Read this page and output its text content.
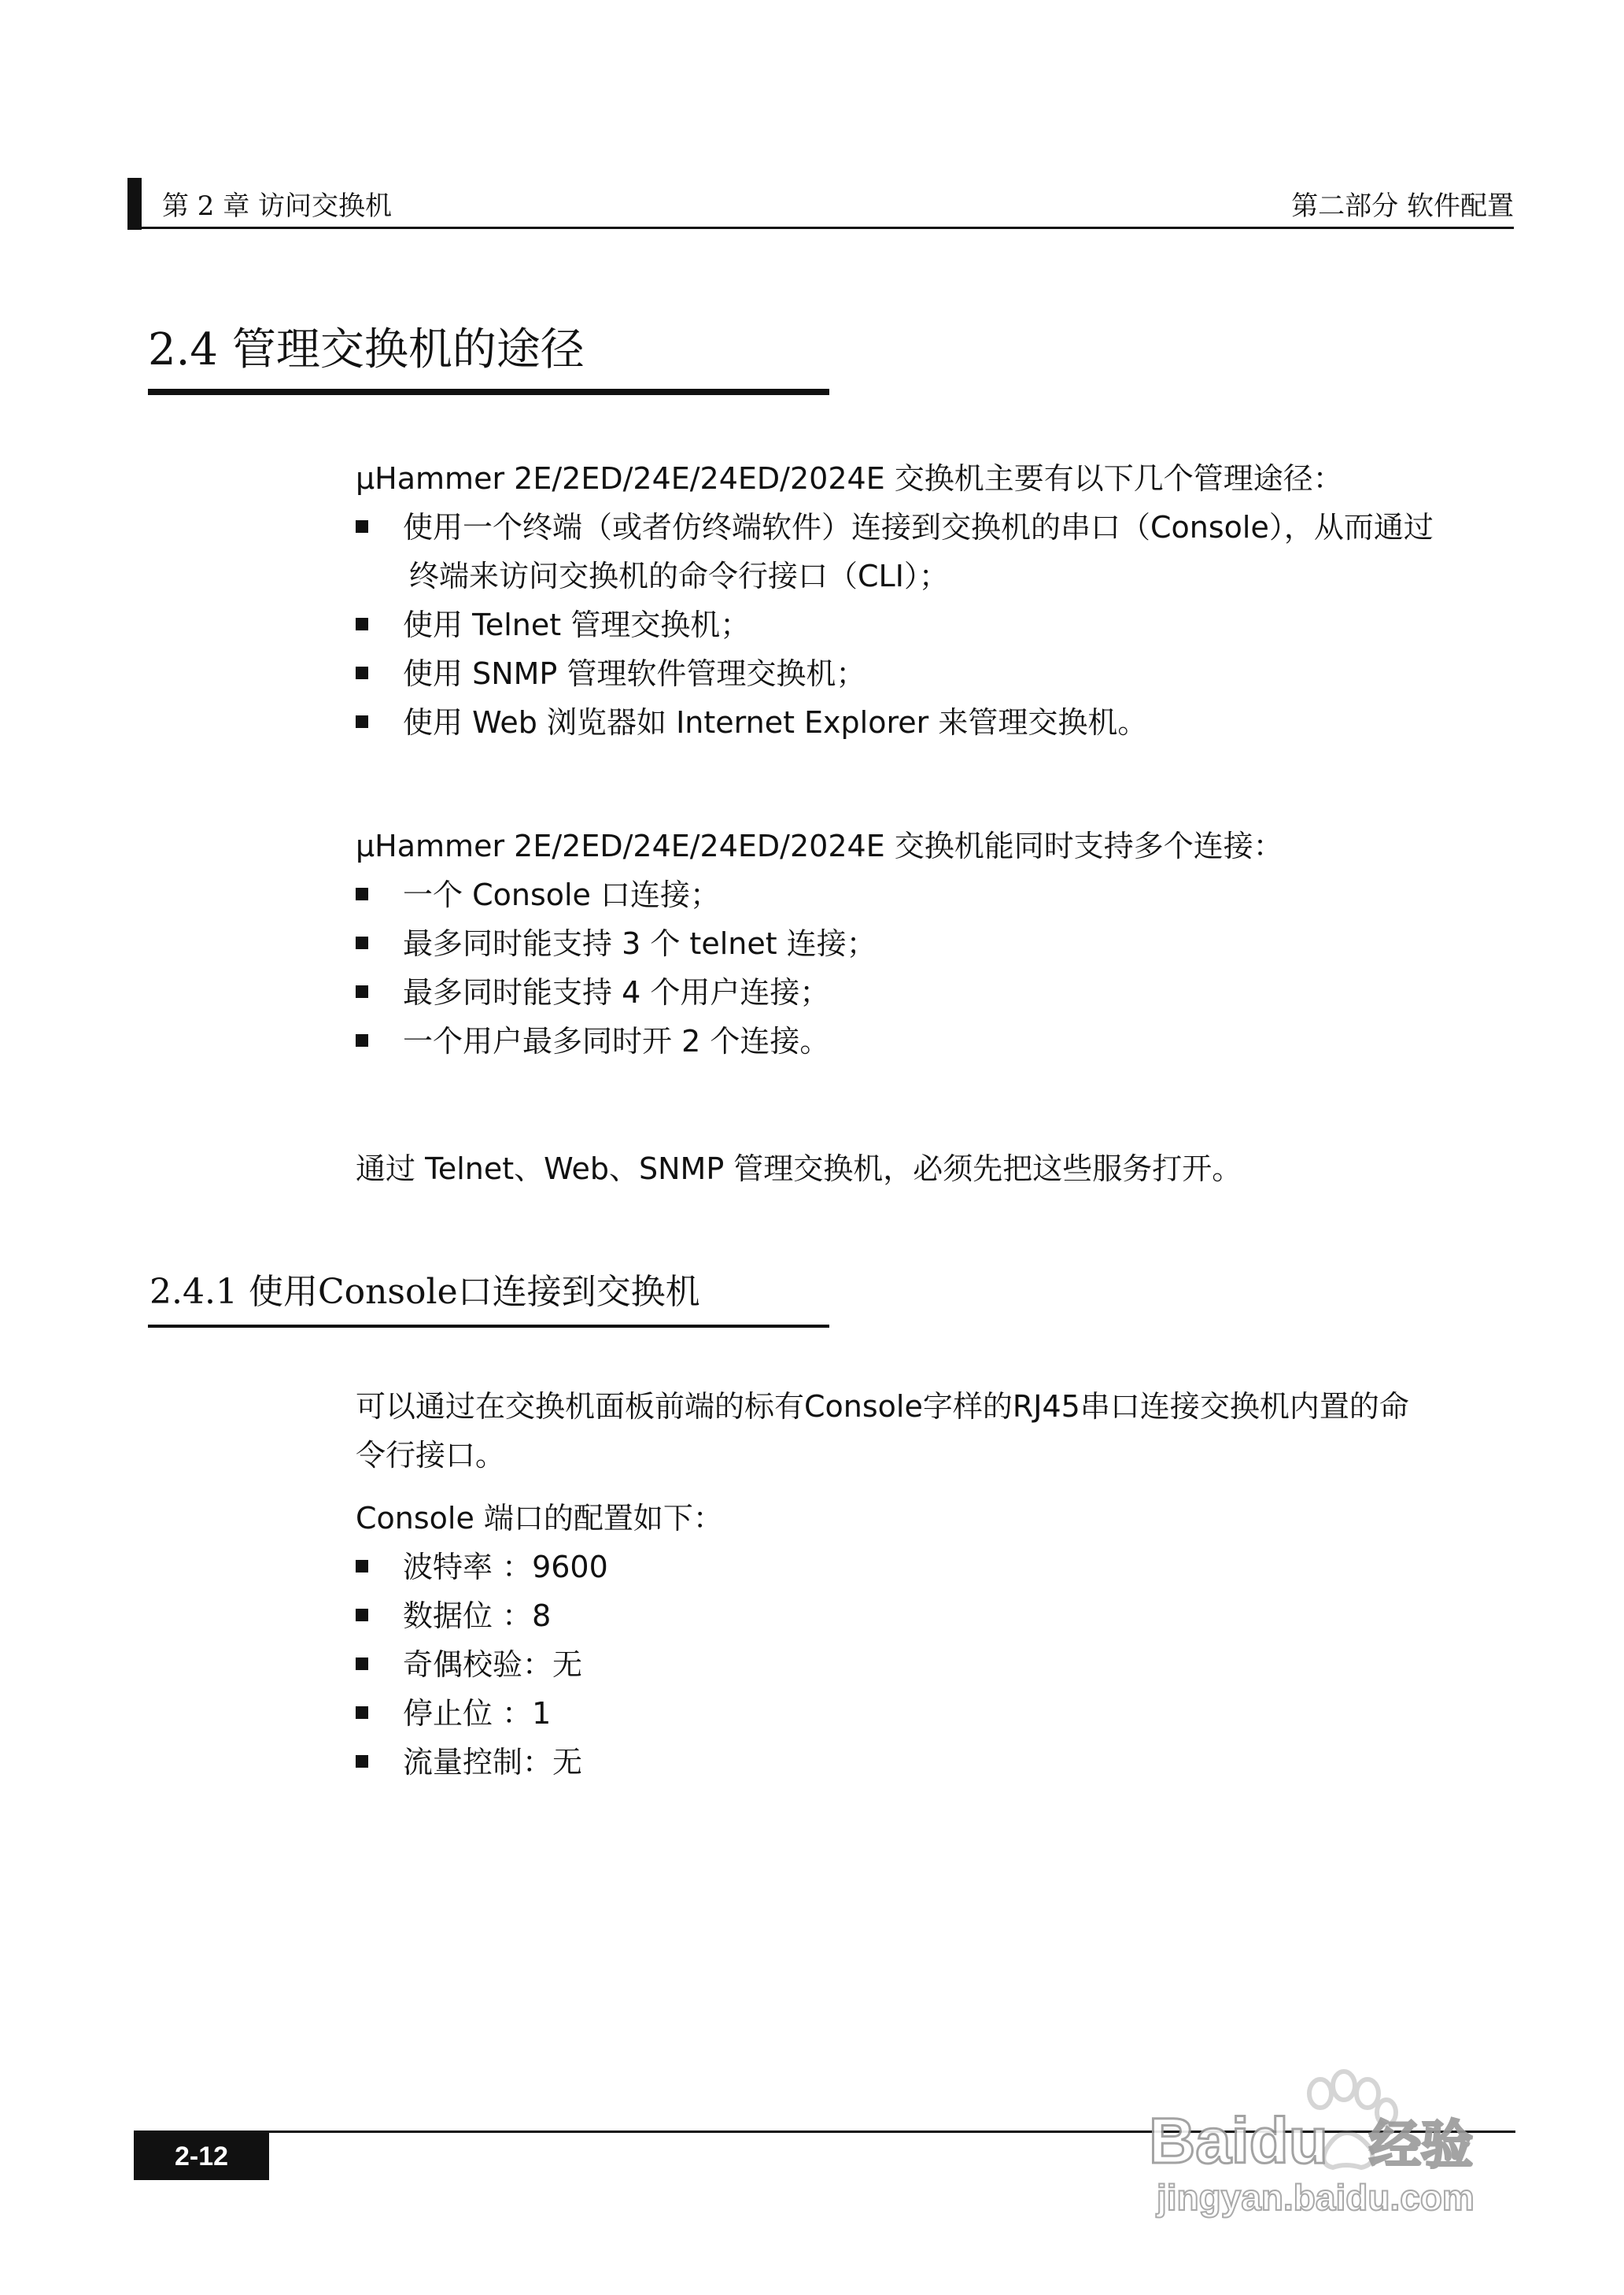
第 2 章 访问交换机	第二部分 软件配置
2.4 管理交换机的途径
μHammer 2E/2ED/24E/24ED/2024E 交换机主要有以下几个管理途径：
使用一个终端（或者仿终端软件）连接到交换机的串口（Console），从而通过
终端来访问交换机的命令行接口（CLI）；
使用 Telnet 管理交换机；
使用 SNMP 管理软件管理交换机；
使用 Web 浏览器如 Internet Explorer 来管理交换机。
μHammer 2E/2ED/24E/24ED/2024E 交换机能同时支持多个连接：
一个 Console 口连接；
最多同时能支持 3 个 telnet 连接；
最多同时能支持 4 个用户连接；
一个用户最多同时开 2 个连接。
通过 Telnet、Web、SNMP 管理交换机，必须先把这些服务打开。
2.4.1 使用Console口连接到交换机
可以通过在交换机面板前端的标有Console字样的RJ45串口连接交换机内置的命
令行接口。
Console 端口的配置如下：
波特率 ：9600
数据位 ：8
奇偶校验：无
停止位 ：1
流量控制：无
2-12	Baidu 经验
jingyan.baidu.com
